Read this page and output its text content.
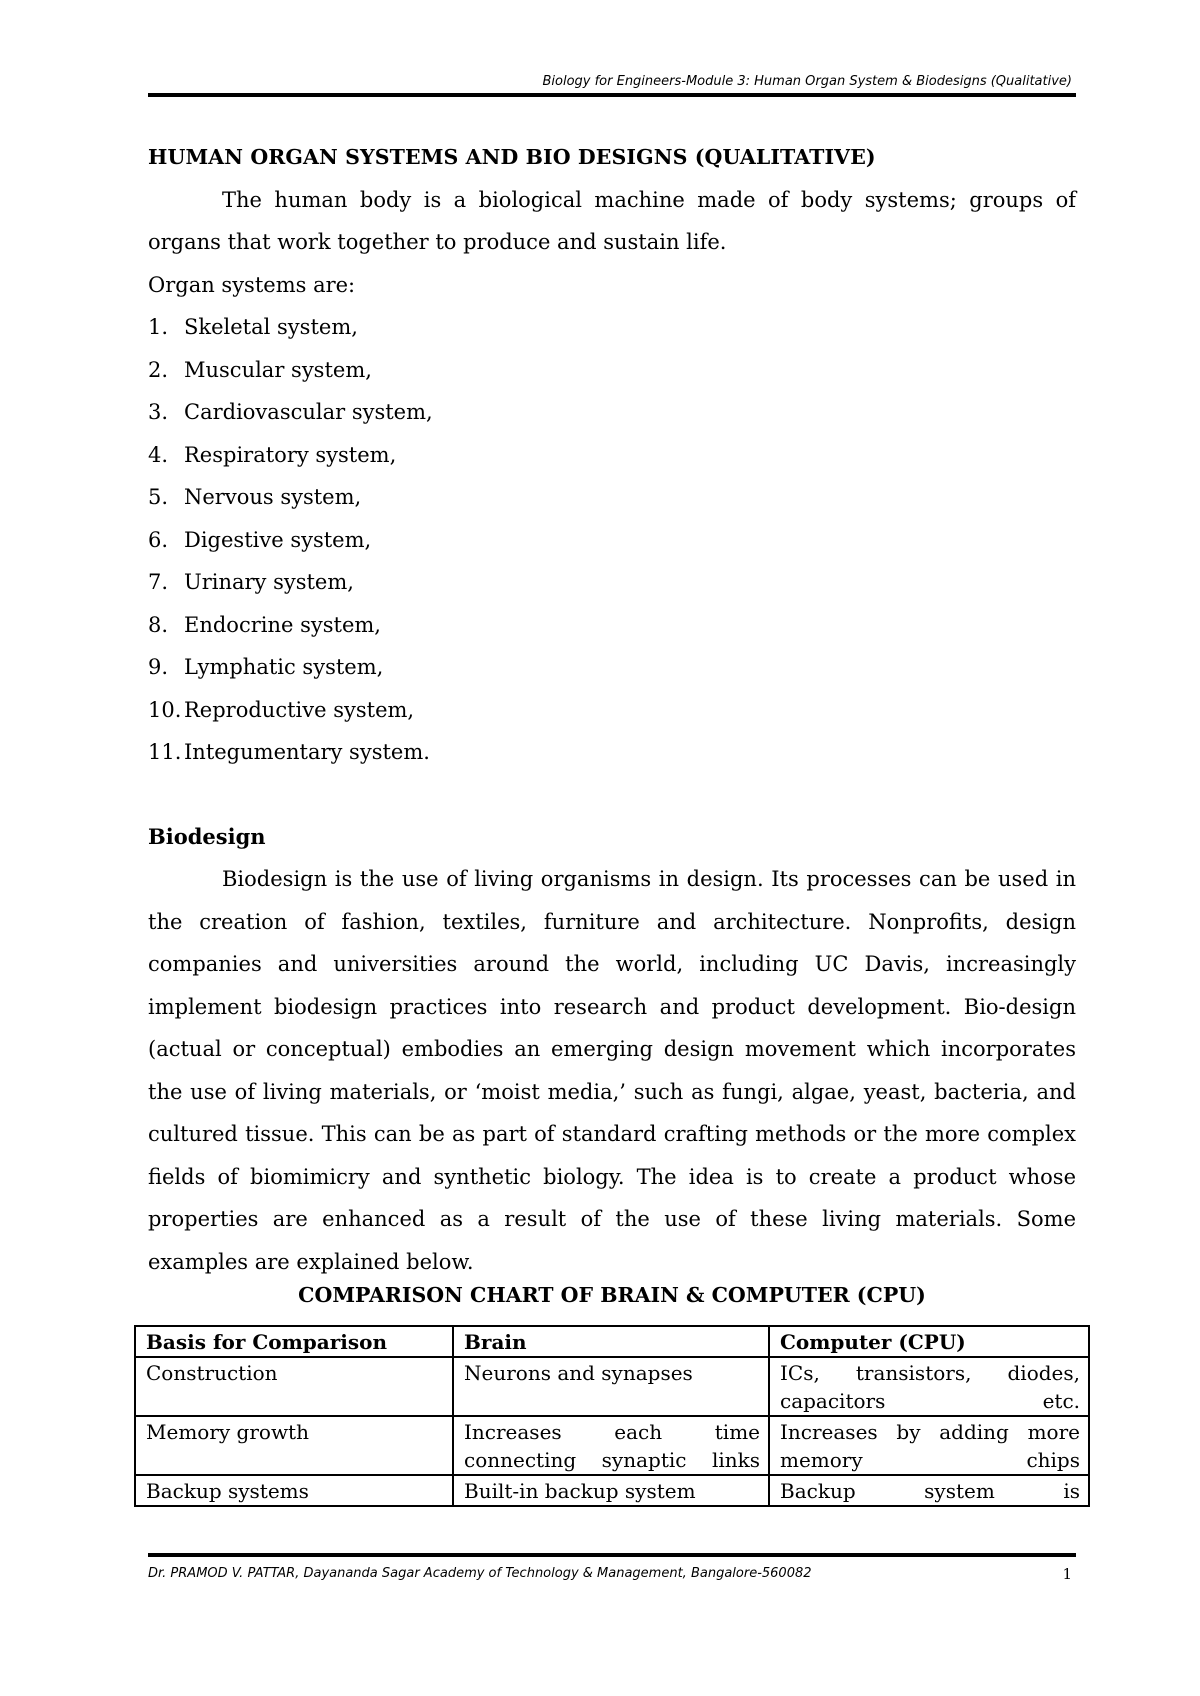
Biology for Engineers-Module 3: Human Organ System & Biodesigns (Qualitative)
HUMAN ORGAN SYSTEMS AND BIO DESIGNS (QUALITATIVE)
The human body is a biological machine made of body systems; groups of organs that work together to produce and sustain life.
Organ systems are:
1. Skeletal system,
2. Muscular system,
3. Cardiovascular system,
4. Respiratory system,
5. Nervous system,
6. Digestive system,
7. Urinary system,
8. Endocrine system,
9. Lymphatic system,
10. Reproductive system,
11. Integumentary system.
Biodesign
Biodesign is the use of living organisms in design. Its processes can be used in the creation of fashion, textiles, furniture and architecture. Nonprofits, design companies and universities around the world, including UC Davis, increasingly implement biodesign practices into research and product development. Bio-design (actual or conceptual) embodies an emerging design movement which incorporates the use of living materials, or ‘moist media,’ such as fungi, algae, yeast, bacteria, and cultured tissue. This can be as part of standard crafting methods or the more complex fields of biomimicry and synthetic biology. The idea is to create a product whose properties are enhanced as a result of the use of these living materials. Some examples are explained below.
COMPARISON CHART OF BRAIN & COMPUTER (CPU)
Basis for Comparison	Brain	Computer (CPU)
Construction	Neurons and synapses	ICs, transistors, diodes, capacitors etc.
Memory growth	Increases each time connecting synaptic links	Increases by adding more memory chips
Backup systems	Built-in backup system	Backup system is
Dr. PRAMOD V. PATTAR, Dayananda Sagar Academy of Technology & Management, Bangalore-560082	1
